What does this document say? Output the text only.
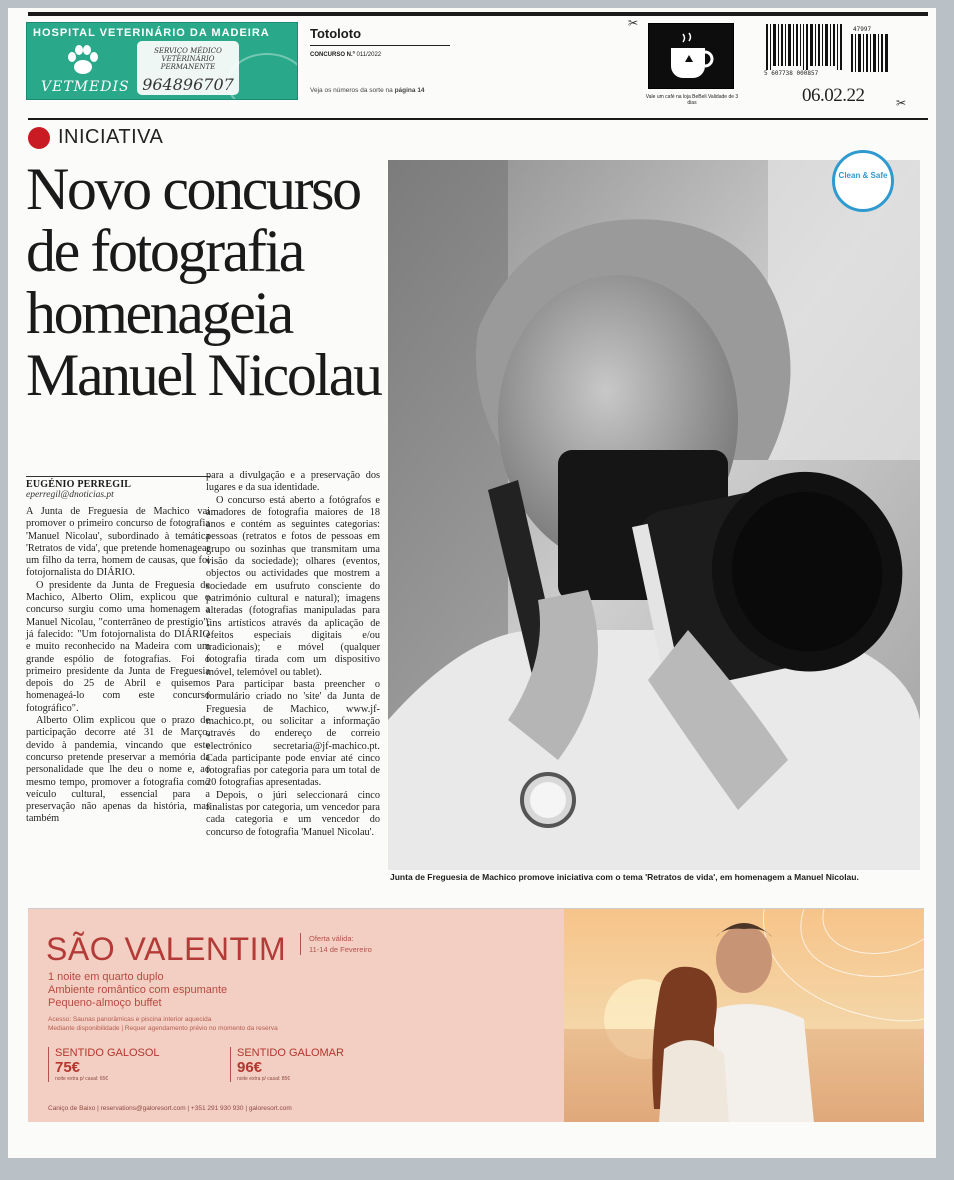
HOSPITAL VETERINÁRIO DA MADEIRA
VETMEDIS
SERVIÇO MÉDICO
VETERINÁRIO PERMANENTE
964896707
Totoloto
CONCURSO N.º 011/2022
Veja os números da sorte na página 14
✂
✂
Vale um café na loja BeBeli Validade de 3 dias
5 607738 000857
47997
06.02.22
INICIATIVA
Novo concurso de fotografia homenageia Manuel Nicolau
Junta de Freguesia de Machico promove iniciativa com o tema 'Retratos de vida', em homenagem a Manuel Nicolau.
EUGÉNIO PERREGIL
eperregil@dnoticias.pt

A Junta de Freguesia de Machico vai promover o primeiro concurso de fotografia 'Manuel Nicolau', subordinado à temática 'Retratos de vida', que pretende homenagear um filho da terra, homem de causas, que foi fotojornalista do DIÁRIO.

O presidente da Junta de Freguesia de Machico, Alberto Olim, explicou que o concurso surgiu como uma homenagem a Manuel Nicolau, "conterrâneo de prestígio", já falecido: "Um fotojornalista do DIÁRIO e muito reconhecido na Madeira com um grande espólio de fotografias. Foi o primeiro presidente da Junta de Freguesia depois do 25 de Abril e quisemos homenageá-lo com este concurso fotográfico".

Alberto Olim explicou que o prazo de participação decorre até 31 de Março, devido à pandemia, vincando que este concurso pretende preservar a memória da personalidade que lhe deu o nome e, ao mesmo tempo, promover a fotografia como veículo cultural, essencial para a preservação não apenas da história, mas também

para a divulgação e a preservação dos lugares e da sua identidade.

O concurso está aberto a fotógrafos e amadores de fotografia maiores de 18 anos e contém as seguintes categorias: pessoas (retratos e fotos de pessoas em grupo ou sozinhas que transmitam uma visão da sociedade); olhares (eventos, objectos ou actividades que mostrem a sociedade em usufruto consciente do património cultural e natural); imagens alteradas (fotografias manipuladas para fins artísticos através da aplicação de efeitos especiais digitais e/ou tradicionais); e móvel (qualquer fotografia tirada com um dispositivo móvel, telemóvel ou tablet).

Para participar basta preencher o formulário criado no 'site' da Junta de Freguesia de Machico, www.jf-machico.pt, ou solicitar a informação através do endereço de correio electrónico secretaria@jf-machico.pt. Cada participante pode enviar até cinco fotografias por categoria para um total de 20 fotografias apresentadas.

Depois, o júri seleccionará cinco finalistas por categoria, um vencedor para cada categoria e um vencedor do concurso de fotografia 'Manuel Nicolau'.

SÃO VALENTIM	Oferta válida:
11-14 de Fevereiro
1 noite em quarto duplo
Ambiente romântico com espumante
Pequeno-almoço buffet
Acesso: Saunas panorâmicas e piscina interior aquecida
Mediante disponibilidade | Requer agendamento prévio no momento da reserva
SENTIDO GALOSOL
75€
noite extra p/ casal: 65€
SENTIDO GALOMAR
96€
noite extra p/ casal: 85€
Caniço de Baixo | reservations@galoresort.com | +351 291 930 930 | galoresort.com
Clean & Safe
